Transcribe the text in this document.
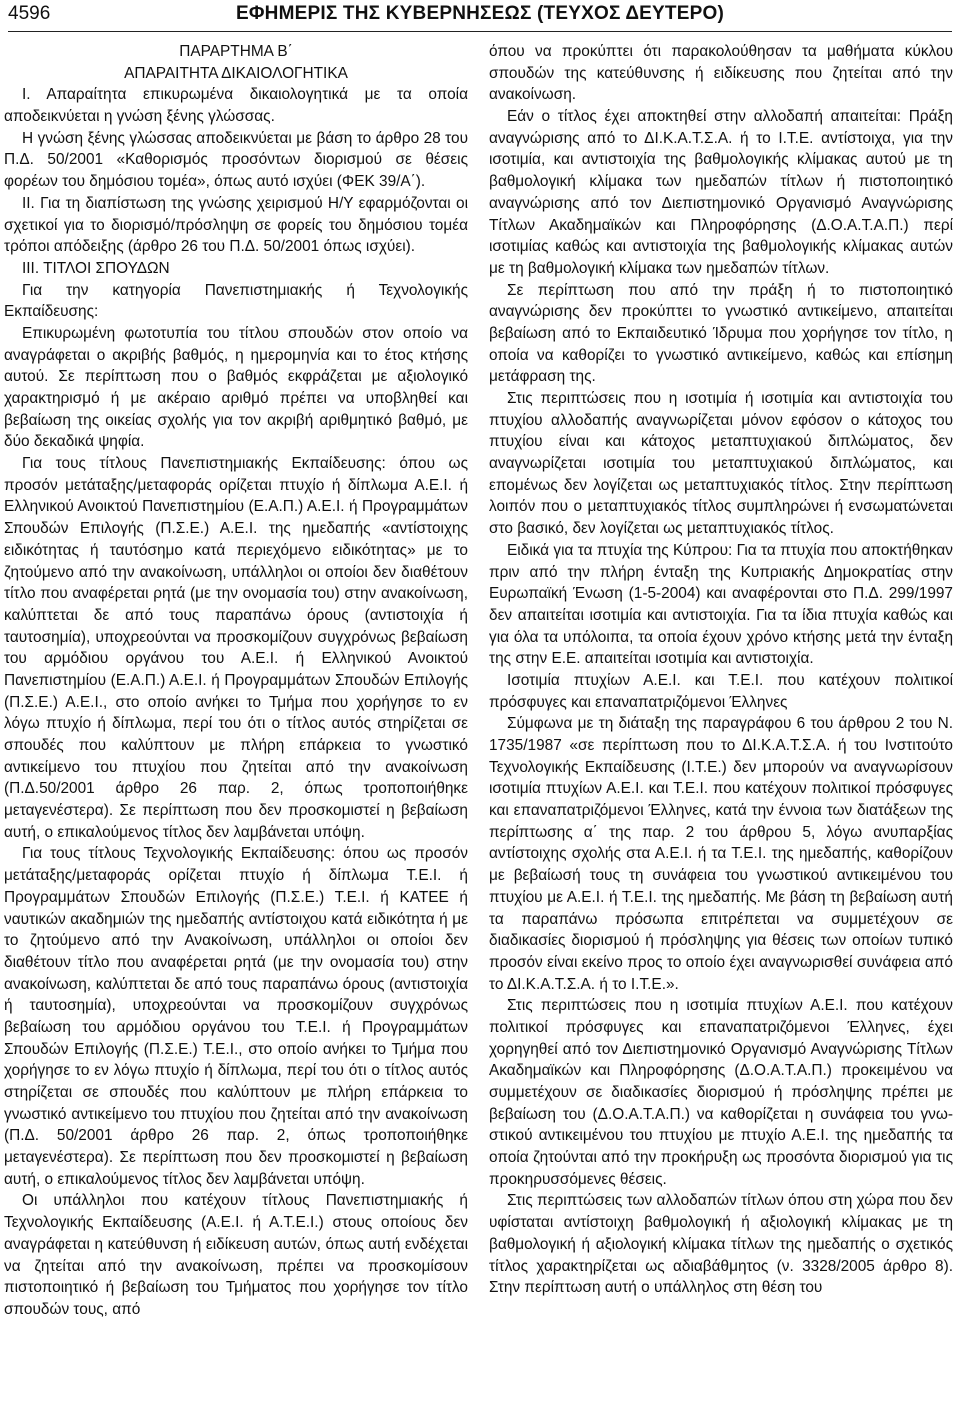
4596	ΕΦΗΜΕΡΙΣ ΤΗΣ ΚΥΒΕΡΝΗΣΕΩΣ (ΤΕΥΧΟΣ ΔΕΥΤΕΡΟ)

ΠΑΡΑΡΤΗΜΑ Β΄

ΑΠΑΡΑΙΤΗΤΑ ΔΙΚΑΙΟΛΟΓΗΤΙΚΑ

Ι. Απαραίτητα επικυρωμένα δικαιολογητικά με τα οποία αποδεικνύεται η γνώση ξένης γλώσσας.

Η γνώση ξένης γλώσσας αποδεικνύεται με βάση το άρθρο 28 του Π.Δ. 50/2001 «Καθορισμός προσόντων διορισμού σε θέσεις φορέων του δημόσιου τομέα», όπως αυτό ισχύει (ΦΕΚ 39/Α΄).

ΙΙ. Για τη διαπίστωση της γνώσης χειρισμού Η/Υ εφαρμόζονται οι σχετικοί για το διορισμό/πρόσληψη σε φορείς του δημόσιου τομέα τρόποι απόδειξης (άρθρο 26 του Π.Δ. 50/2001 όπως ισχύει).

ΙΙΙ. ΤΙΤΛΟΙ ΣΠΟΥΔΩΝ

Για την κατηγορία Πανεπιστημιακής ή Τεχνολογικής Εκπαίδευσης:

Επικυρωμένη φωτοτυπία του τίτλου σπουδών στον οποίο να αναγράφεται ο ακριβής βαθμός, η ημερομηνία και το έτος κτήσης αυτού. Σε περίπτωση που ο βαθμός εκφράζεται με αξιολογικό χαρακτηρισμό ή με ακέραιο αριθμό πρέπει να υποβληθεί και βεβαίωση της οικείας σχολής για τον ακριβή αριθμητικό βαθμό, με δύο δεκαδικά ψηφία.

Για τους τίτλους Πανεπιστημιακής Εκπαίδευσης: όπου ως προσόν μετάταξης/μεταφοράς ορίζεται πτυχίο ή δίπλωμα Α.Ε.Ι. ή Ελληνικού Ανοικτού Πανεπιστημίου (Ε.Α.Π.) Α.Ε.Ι. ή Προγραμμάτων Σπουδών Επιλογής (Π.Σ.Ε.) Α.Ε.Ι. της ημεδαπής «αντίστοιχης ειδικότητας ή ταυτόσημο κατά περιεχόμενο ειδικότητας» με το ζητούμενο από την ανακοίνωση, υπάλληλοι οι οποίοι δεν διαθέτουν τίτλο που αναφέρεται ρητά (με την ονομασία του) στην ανακοίνωση, καλύπτεται δε από τους παραπάνω όρους (αντιστοιχία ή ταυτοσημία), υποχρεούνται να προσκομίζουν συγχρόνως βεβαίωση του αρμόδιου οργάνου του Α.Ε.Ι. ή Ελληνικού Ανοικτού Πανεπιστημίου (Ε.Α.Π.) Α.Ε.Ι. ή Προγραμμάτων Σπουδών Επιλογής (Π.Σ.Ε.) Α.Ε.Ι., στο οποίο ανήκει το Τμήμα που χορήγησε το εν λόγω πτυχίο ή δίπλωμα, περί του ότι ο τίτλος αυτός στηρίζεται σε σπουδές που καλύπτουν με πλήρη επάρκεια το γνωστικό αντικείμενο του πτυχίου που ζητείται από την ανακοίνωση (Π.Δ.50/2001 άρθρο 26 παρ. 2, όπως τροποποιήθηκε μεταγενέστερα). Σε περίπτωση που δεν προσκομιστεί η βεβαίωση αυτή, ο επικαλούμενος τίτλος δεν λαμβάνεται υπόψη.

Για τους τίτλους Τεχνολογικής Εκπαίδευσης: όπου ως προσόν μετάταξης/μεταφοράς ορίζεται πτυχίο ή δίπλωμα Τ.Ε.Ι. ή Προγραμμάτων Σπουδών Επιλογής (Π.Σ.Ε.) Τ.Ε.Ι. ή ΚΑΤΕΕ ή ναυτικών ακαδημιών της ημεδαπής αντίστοιχου κατά ειδικότητα ή με το ζητούμενο από την Ανακοίνωση, υπάλληλοι οι οποίοι δεν διαθέτουν τίτλο που αναφέρεται ρητά (με την ονομασία του) στην ανακοίνωση, καλύπτεται δε από τους παραπάνω όρους (αντιστοιχία ή ταυτοσημία), υποχρεούνται να προσκομίζουν συγχρόνως βεβαίωση του αρμόδιου οργάνου του Τ.Ε.Ι. ή Προγραμμάτων Σπουδών Επιλογής (Π.Σ.Ε.) Τ.Ε.Ι., στο οποίο ανήκει το Τμήμα που χορήγησε το εν λόγω πτυχίο ή δίπλωμα, περί του ότι ο τίτλος αυτός στηρίζεται σε σπουδές που καλύπτουν με πλήρη επάρκεια το γνωστικό αντικείμενο του πτυχίου που ζητείται από την ανακοίνωση (Π.Δ. 50/2001 άρθρο 26 παρ. 2, όπως τροποποιήθηκε μεταγενέστερα). Σε περίπτωση που δεν προσκομιστεί η βεβαίωση αυτή, ο επικαλούμενος τίτλος δεν λαμβάνεται υπόψη.

Οι υπάλληλοι που κατέχουν τίτλους Πανεπιστημιακής ή Τεχνολογικής Εκπαίδευσης (Α.Ε.Ι. ή Α.Τ.Ε.Ι.) στους οποίους δεν αναγράφεται η κατεύθυνση ή ειδίκευση αυτών, όπως αυτή ενδέχεται να ζητείται από την ανακοίνωση, πρέπει να προσκομίσουν πιστοποιητικό ή βεβαίωση του Τμήματος που χορήγησε τον τίτλο σπουδών τους, από

όπου να προκύπτει ότι παρακολούθησαν τα μαθήματα κύκλου σπουδών της κατεύθυνσης ή ειδίκευσης που ζητείται από την ανακοίνωση.

Εάν ο τίτλος έχει αποκτηθεί στην αλλοδαπή απαιτείται: Πράξη αναγνώρισης από το ΔΙ.Κ.Α.Τ.Σ.Α. ή το Ι.Τ.Ε. αντίστοιχα, για την ισοτιμία, και αντιστοιχία της βαθμολογικής κλίμακας αυτού με τη βαθμολογική κλίμακα των ημεδαπών τίτλων ή πιστοποιητικό αναγνώρισης από τον Διεπιστημονικό Οργανισμό Αναγνώρισης Τίτλων Ακαδημαϊκών και Πληροφόρησης (Δ.Ο.Α.Τ.Α.Π.) περί ισοτιμίας καθώς και αντιστοιχία της βαθμολογικής κλίμακας αυτών με τη βαθμολογική κλίμακα των ημεδαπών τίτλων.

Σε περίπτωση που από την πράξη ή το πιστοποιητικό αναγνώρισης δεν προκύπτει το γνωστικό αντικείμενο, απαιτείται βεβαίωση από το Εκπαιδευτικό Ίδρυμα που χορήγησε τον τίτλο, η οποία να καθορίζει το γνωστικό αντικείμενο, καθώς και επίσημη μετάφραση της.

Στις περιπτώσεις που η ισοτιμία ή ισοτιμία και αντιστοιχία του πτυχίου αλλοδαπής αναγνωρίζεται μόνον εφόσον ο κάτοχος του πτυχίου είναι και κάτοχος μεταπτυχιακού διπλώματος, δεν αναγνωρίζεται ισοτιμία του μεταπτυχιακού διπλώματος, και επομένως δεν λογίζεται ως μεταπτυχιακός τίτλος. Στην περίπτωση λοιπόν που ο μεταπτυχιακός τίτλος συμπληρώνει ή ενσωματώνεται στο βασικό, δεν λογίζεται ως μεταπτυχιακός τίτλος.

Ειδικά για τα πτυχία της Κύπρου: Για τα πτυχία που αποκτήθηκαν πριν από την πλήρη ένταξη της Κυπριακής Δημοκρατίας στην Ευρωπαϊκή Ένωση (1-5-2004) και αναφέρονται στο Π.Δ. 299/1997 δεν απαιτείται ισοτιμία και αντιστοιχία. Για τα ίδια πτυχία καθώς και για όλα τα υπόλοιπα, τα οποία έχουν χρόνο κτήσης μετά την ένταξη της στην Ε.Ε. απαιτείται ισοτιμία και αντιστοιχία.

Ισοτιμία πτυχίων Α.Ε.Ι. και Τ.Ε.Ι. που κατέχουν πολιτικοί πρόσφυγες και επαναπατριζόμενοι Έλληνες

Σύμφωνα με τη διάταξη της παραγράφου 6 του άρθρου 2 του Ν. 1735/1987 «σε περίπτωση που το ΔΙ.Κ.Α.Τ.Σ.Α. ή του Ινστιτούτο Τεχνολογικής Εκπαίδευσης (Ι.Τ.Ε.) δεν μπορούν να αναγνωρίσουν ισοτιμία πτυχίων Α.Ε.Ι. και Τ.Ε.Ι. που κατέχουν πολιτικοί πρόσφυγες και επαναπατριζόμενοι Έλληνες, κατά την έννοια των διατάξεων της περίπτωσης α΄ της παρ. 2 του άρθρου 5, λόγω ανυπαρξίας αντίστοιχης σχολής στα Α.Ε.Ι. ή τα Τ.Ε.Ι. της ημεδαπής, καθορίζουν με βεβαίωσή τους τη συνάφεια του γνωστικού αντικειμένου του πτυχίου με Α.Ε.Ι. ή Τ.Ε.Ι. της ημεδαπής. Με βάση τη βεβαίωση αυτή τα παραπάνω πρόσωπα επιτρέπεται να συμμετέχουν σε διαδικασίες διορισμού ή πρόσληψης για θέσεις των οποίων τυπικό προσόν είναι εκείνο προς το οποίο έχει αναγνωρισθεί συνάφεια από το ΔΙ.Κ.Α.Τ.Σ.Α. ή το Ι.Τ.Ε.».

Στις περιπτώσεις που η ισοτιμία πτυχίων Α.Ε.Ι. που κατέχουν πολιτικοί πρόσφυγες και επαναπατριζόμενοι Έλληνες, έχει χορηγηθεί από τον Διεπιστημονικό Οργανισμό Αναγνώρισης Τίτλων Ακαδημαϊκών και Πληροφόρησης (Δ.Ο.Α.Τ.Α.Π.) προκειμένου να συμμετέχουν σε διαδικασίες διορισμού ή πρόσληψης πρέπει με βεβαίωση του (Δ.Ο.Α.Τ.Α.Π.) να καθορίζεται η συνάφεια του γνωστικού αντικειμένου του πτυχίου με πτυχίο Α.Ε.Ι. της ημεδαπής τα οποία ζητούνται από την προκήρυξη ως προσόντα διορισμού για τις προκηρυσσόμενες θέσεις.

Στις περιπτώσεις των αλλοδαπών τίτλων όπου στη χώρα που δεν υφίσταται αντίστοιχη βαθμολογική ή αξιολογική κλίμακας με τη βαθμολογική ή αξιολογική κλίμακα τίτλων της ημεδαπής ο σχετικός τίτλος χαρακτηρίζεται ως αδιαβάθμητος (ν. 3328/2005 άρθρο 8). Στην περίπτωση αυτή ο υπάλληλος στη θέση του
